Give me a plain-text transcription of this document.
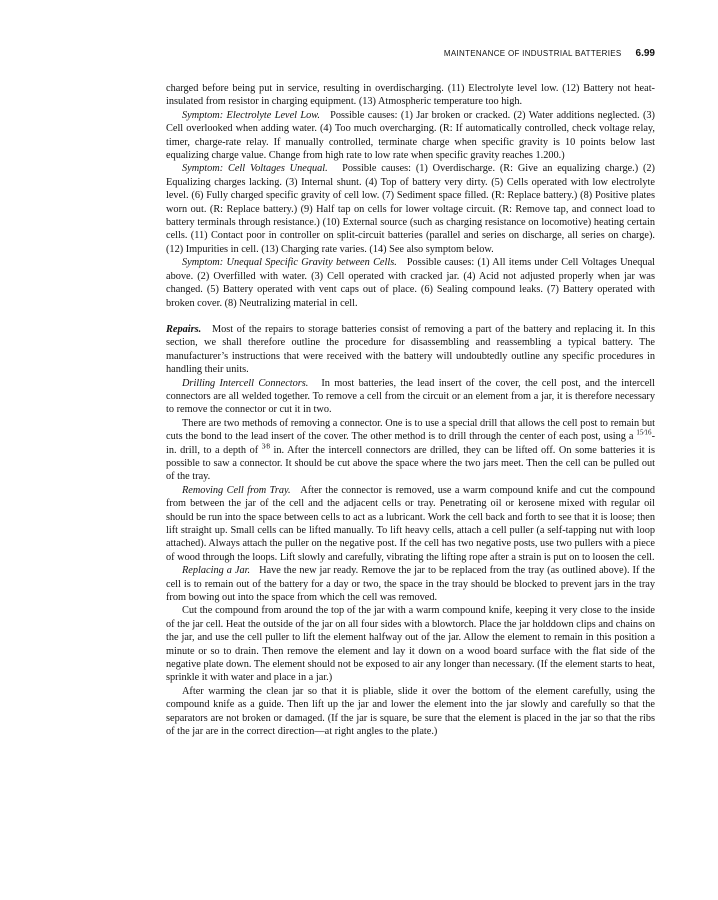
MAINTENANCE OF INDUSTRIAL BATTERIES 6.99

charged before being put in service, resulting in overdischarging. (11) Electrolyte level low. (12) Battery not heat-insulated from resistor in charging equipment. (13) Atmospheric temperature too high.

Symptom: Electrolyte Level Low. Possible causes: (1) Jar broken or cracked. (2) Water additions neglected. (3) Cell overlooked when adding water. (4) Too much overcharging. (R: If automatically controlled, check voltage relay, timer, charge-rate relay. If manually controlled, terminate charge when specific gravity is 10 points below last equalizing charge value. Change from high rate to low rate when specific gravity reaches 1.200.)

Symptom: Cell Voltages Unequal. Possible causes: (1) Overdischarge. (R: Give an equalizing charge.) (2) Equalizing charges lacking. (3) Internal shunt. (4) Top of battery very dirty. (5) Cells operated with low electrolyte level. (6) Fully charged specific gravity of cell low. (7) Sediment space filled. (R: Replace battery.) (8) Positive plates worn out. (R: Replace battery.) (9) Half tap on cells for lower voltage circuit. (R: Remove tap, and connect load to battery terminals through resistance.) (10) External source (such as charging resistance on locomotive) heating certain cells. (11) Contact poor in controller on split-circuit batteries (parallel and series on discharge, all series on charge). (12) Impurities in cell. (13) Charging rate varies. (14) See also symptom below.

Symptom: Unequal Specific Gravity between Cells. Possible causes: (1) All items under Cell Voltages Unequal above. (2) Overfilled with water. (3) Cell operated with cracked jar. (4) Acid not adjusted properly when jar was changed. (5) Battery operated with vent caps out of place. (6) Sealing compound leaks. (7) Battery operated with broken cover. (8) Neutralizing material in cell.

Repairs. Most of the repairs to storage batteries consist of removing a part of the battery and replacing it. In this section, we shall therefore outline the procedure for disassembling and reassembling a typical battery. The manufacturer’s instructions that were received with the battery will undoubtedly outline any specific procedures in handling their units.

Drilling Intercell Connectors. In most batteries, the lead insert of the cover, the cell post, and the intercell connectors are all welded together. To remove a cell from the circuit or an element from a jar, it is therefore necessary to remove the connector or cut it in two.

There are two methods of removing a connector. One is to use a special drill that allows the cell post to remain but cuts the bond to the lead insert of the cover. The other method is to drill through the center of each post, using a $^{15⁄16}$-in. drill, to a depth of $^{3⁄8}$ in. After the intercell connectors are drilled, they can be lifted off. On some batteries it is possible to saw a connector. It should be cut above the space where the two jars meet. Then the cell can be pulled out of the tray.

Removing Cell from Tray. After the connector is removed, use a warm compound knife and cut the compound from between the jar of the cell and the adjacent cells or tray. Penetrating oil or kerosene mixed with regular oil should be run into the space between cells to act as a lubricant. Work the cell back and forth to see that it is loose; then lift straight up. Small cells can be lifted manually. To lift heavy cells, attach a cell puller (a self-tapping nut with loop attached). Always attach the puller on the negative post. If the cell has two negative posts, use two pullers with a piece of wood through the loops. Lift slowly and carefully, vibrating the lifting rope after a strain is put on to loosen the cell.

Replacing a Jar. Have the new jar ready. Remove the jar to be replaced from the tray (as outlined above). If the cell is to remain out of the battery for a day or two, the space in the tray should be blocked to prevent jars in the tray from bowing out into the space from which the cell was removed.

Cut the compound from around the top of the jar with a warm compound knife, keeping it very close to the inside of the jar cell. Heat the outside of the jar on all four sides with a blowtorch. Place the jar holddown clips and chains on the jar, and use the cell puller to lift the element halfway out of the jar. Allow the element to remain in this position a minute or so to drain. Then remove the element and lay it down on a wood board surface with the flat side of the negative plate down. The element should not be exposed to air any longer than necessary. (If the element starts to heat, sprinkle it with water and place in a jar.)

After warming the clean jar so that it is pliable, slide it over the bottom of the element carefully, using the compound knife as a guide. Then lift up the jar and lower the element into the jar slowly and carefully so that the separators are not broken or damaged. (If the jar is square, be sure that the element is placed in the jar so that the ribs of the jar are in the correct direction—at right angles to the plate.)
